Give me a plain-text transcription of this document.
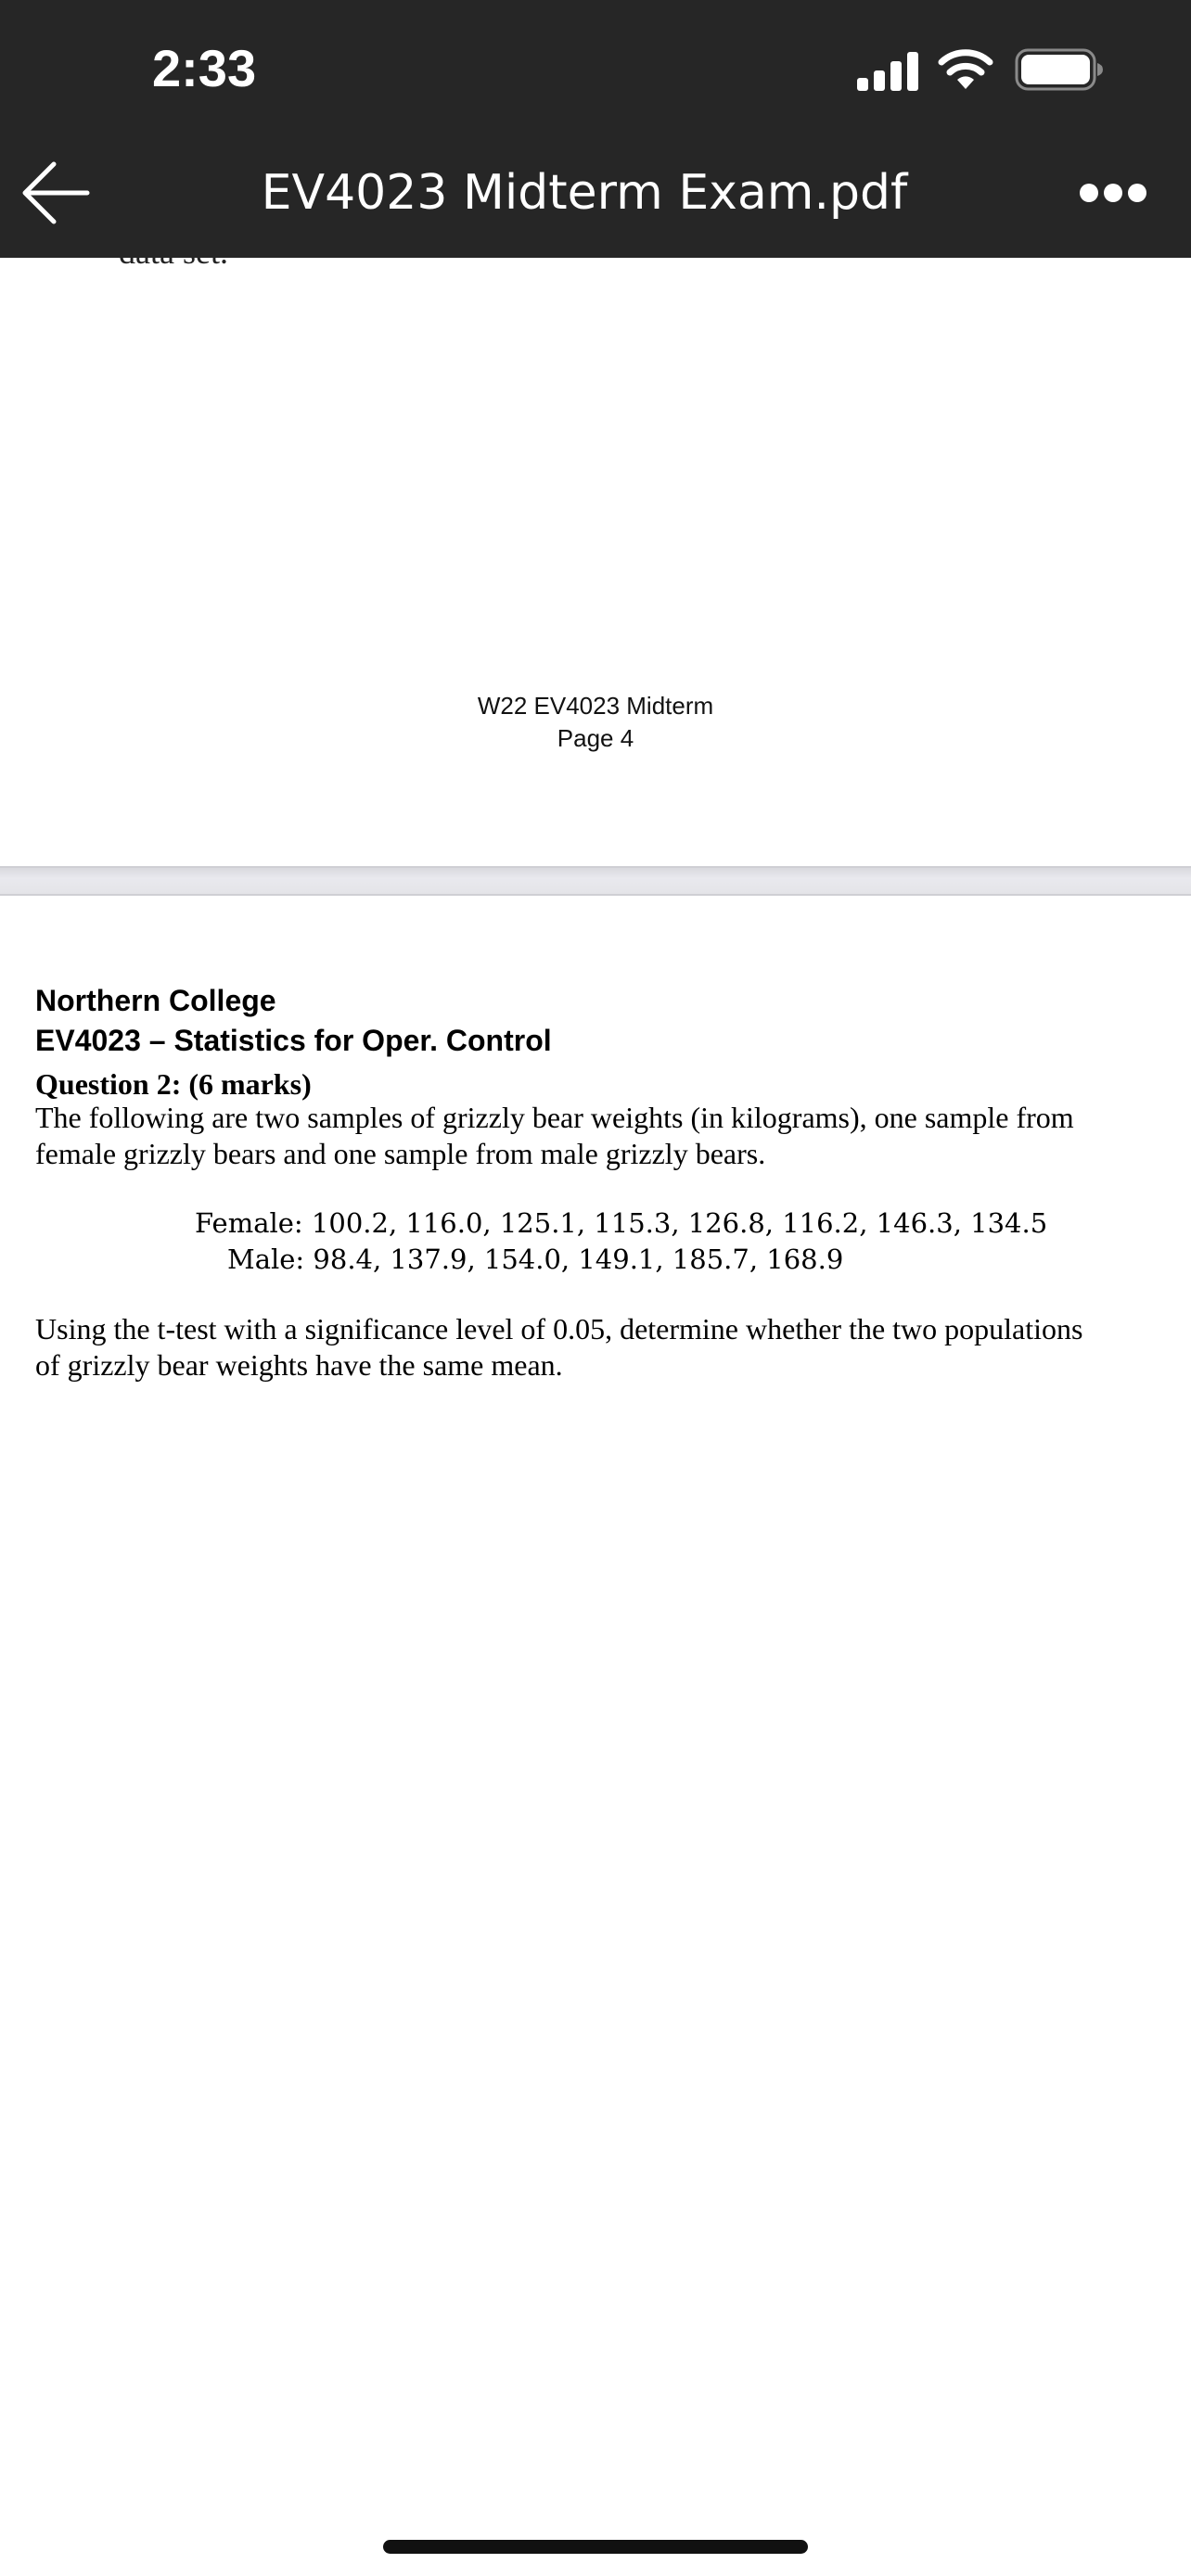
W22 EV4023 Midterm
Page 4
Northern College
EV4023 – Statistics for Oper. Control
Question 2: (6 marks)
The following are two samples of grizzly bear weights (in kilograms), one sample from
female grizzly bears and one sample from male grizzly bears.
Female: 100.2, 116.0, 125.1, 115.3, 126.8, 116.2, 146.3, 134.5
Male: 98.4, 137.9, 154.0, 149.1, 185.7, 168.9
Using the t-test with a significance level of 0.05, determine whether the two populations
of grizzly bear weights have the same mean.
2:33
EV4023 Midterm Exam.pdf
